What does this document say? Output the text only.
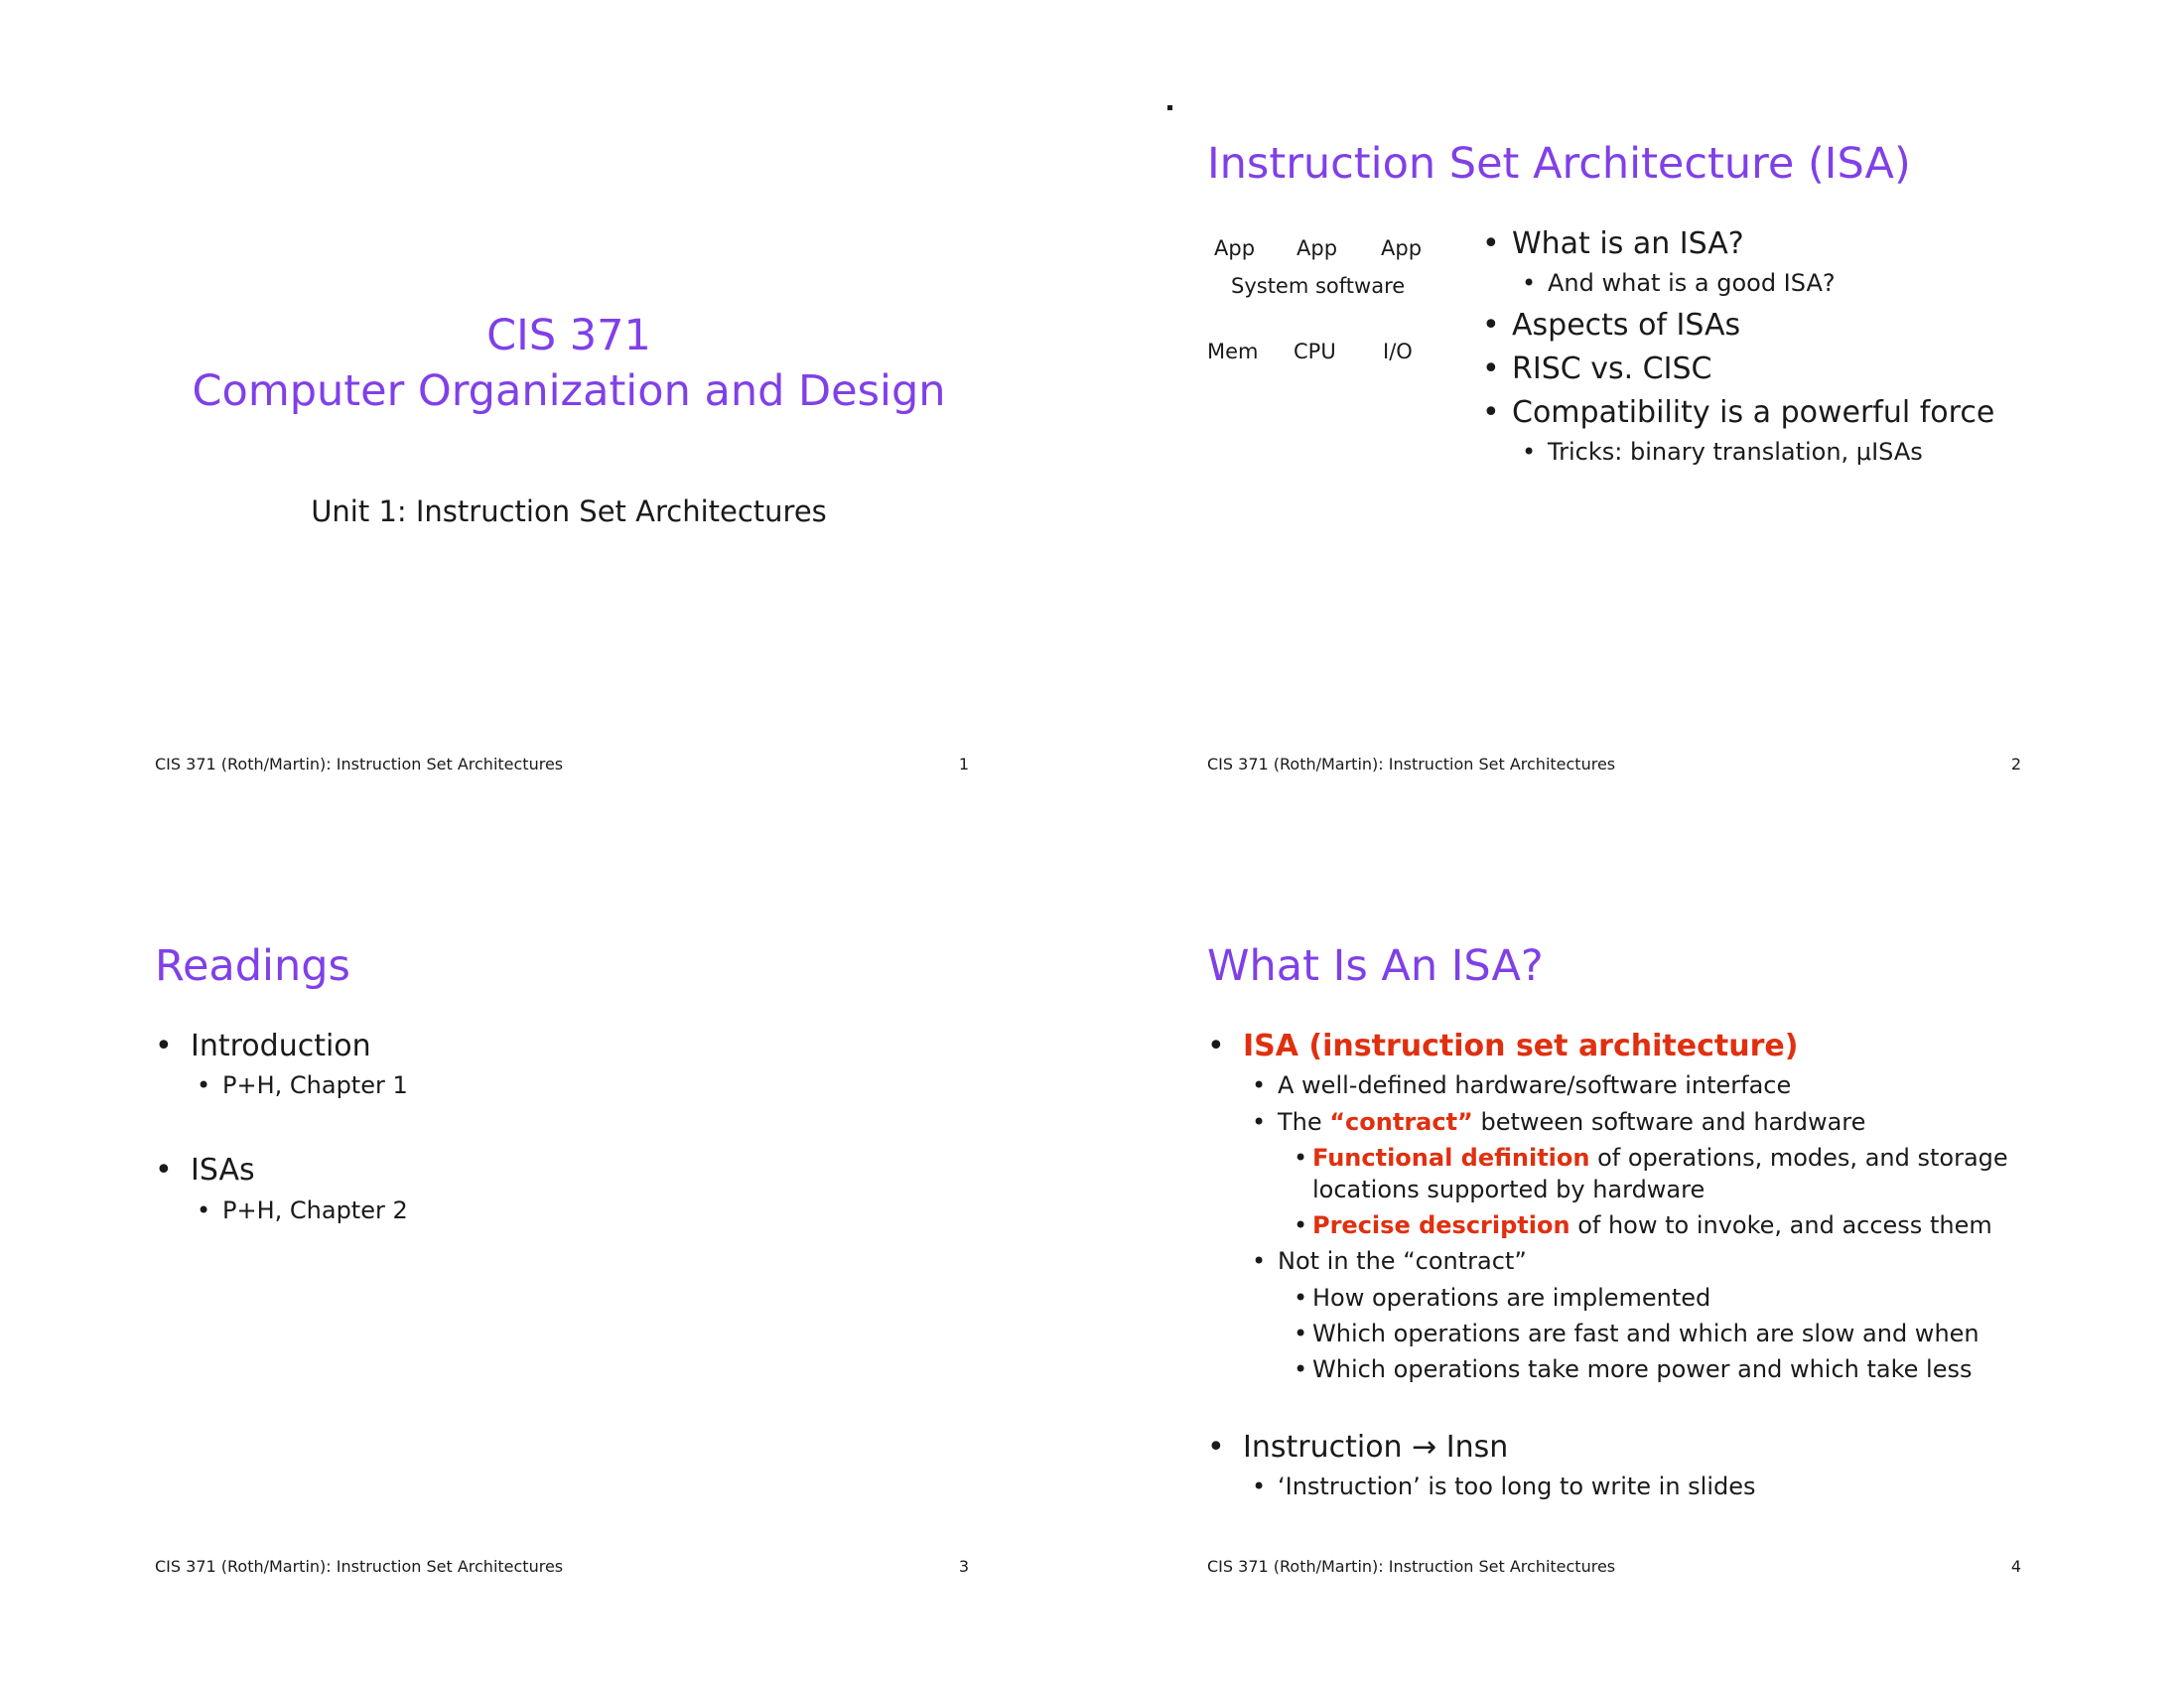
CIS 371
Computer Organization and Design
Unit 1: Instruction Set Architectures
CIS 371 (Roth/Martin): Instruction Set Architectures	1
Instruction Set Architecture (ISA)
App App App
System software
Mem CPU I/O
• What is an ISA?
• And what is a good ISA?
• Aspects of ISAs
• RISC vs. CISC
• Compatibility is a powerful force
• Tricks: binary translation, μISAs
CIS 371 (Roth/Martin): Instruction Set Architectures	2
Readings
• Introduction
• P+H, Chapter 1
• ISAs
• P+H, Chapter 2
CIS 371 (Roth/Martin): Instruction Set Architectures	3
What Is An ISA?
• ISA (instruction set architecture)
• A well-defined hardware/software interface
• The “contract” between software and hardware
• Functional definition of operations, modes, and storage
locations supported by hardware
• Precise description of how to invoke, and access them
• Not in the “contract”
• How operations are implemented
• Which operations are fast and which are slow and when
• Which operations take more power and which take less
• Instruction → Insn
• ‘Instruction’ is too long to write in slides
CIS 371 (Roth/Martin): Instruction Set Architectures	4
